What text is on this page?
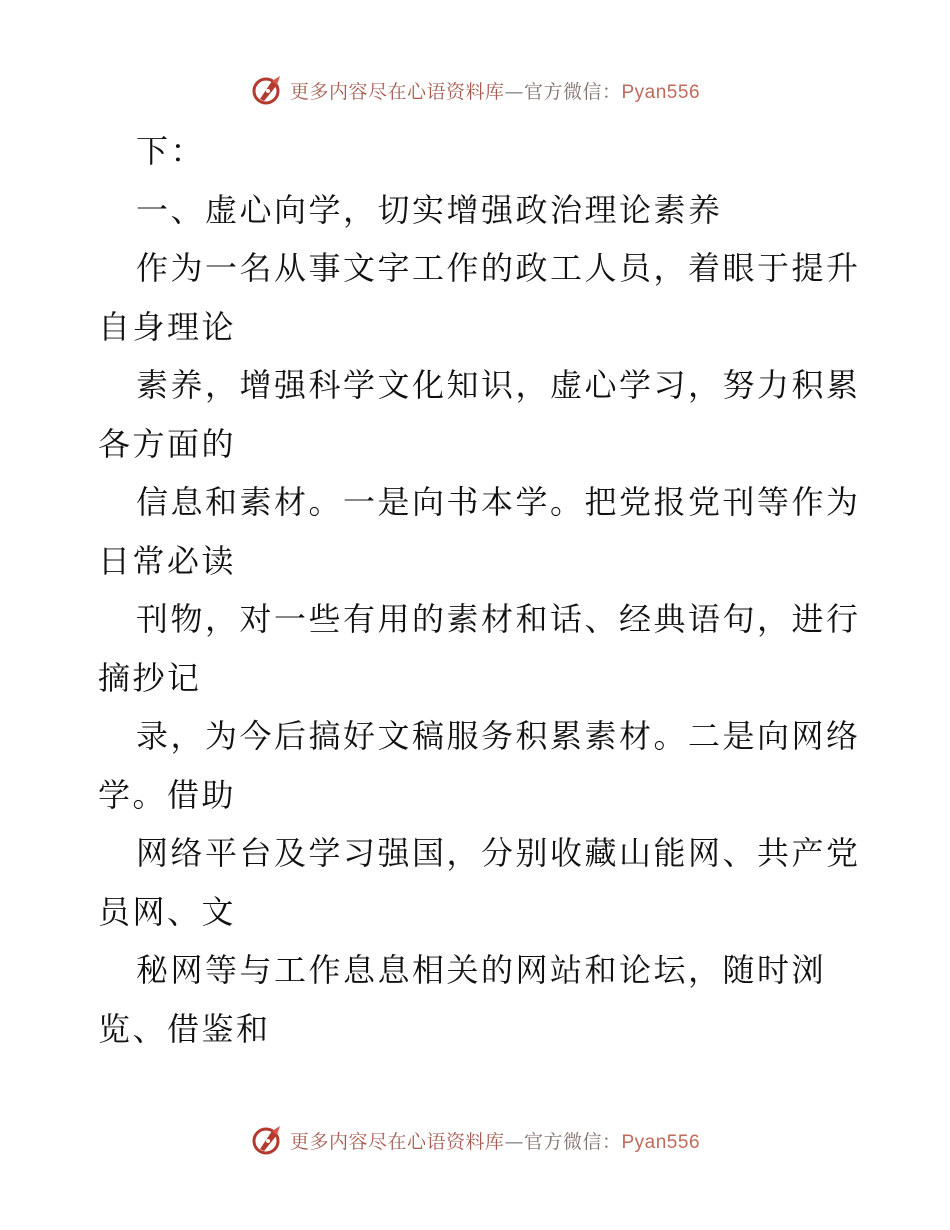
更多内容尽在心语资料库—官方微信：Pyan556
下：
一、虚心向学，切实增强政治理论素养
作为一名从事文字工作的政工人员，着眼于提升
自身理论
素养，增强科学文化知识，虚心学习，努力积累
各方面的
信息和素材。一是向书本学。把党报党刊等作为
日常必读
刊物，对一些有用的素材和话、经典语句，进行
摘抄记
录，为今后搞好文稿服务积累素材。二是向网络
学。借助
网络平台及学习强国，分别收藏山能网、共产党
员网、文
秘网等与工作息息相关的网站和论坛，随时浏
览、借鉴和
更多内容尽在心语资料库—官方微信：Pyan556
